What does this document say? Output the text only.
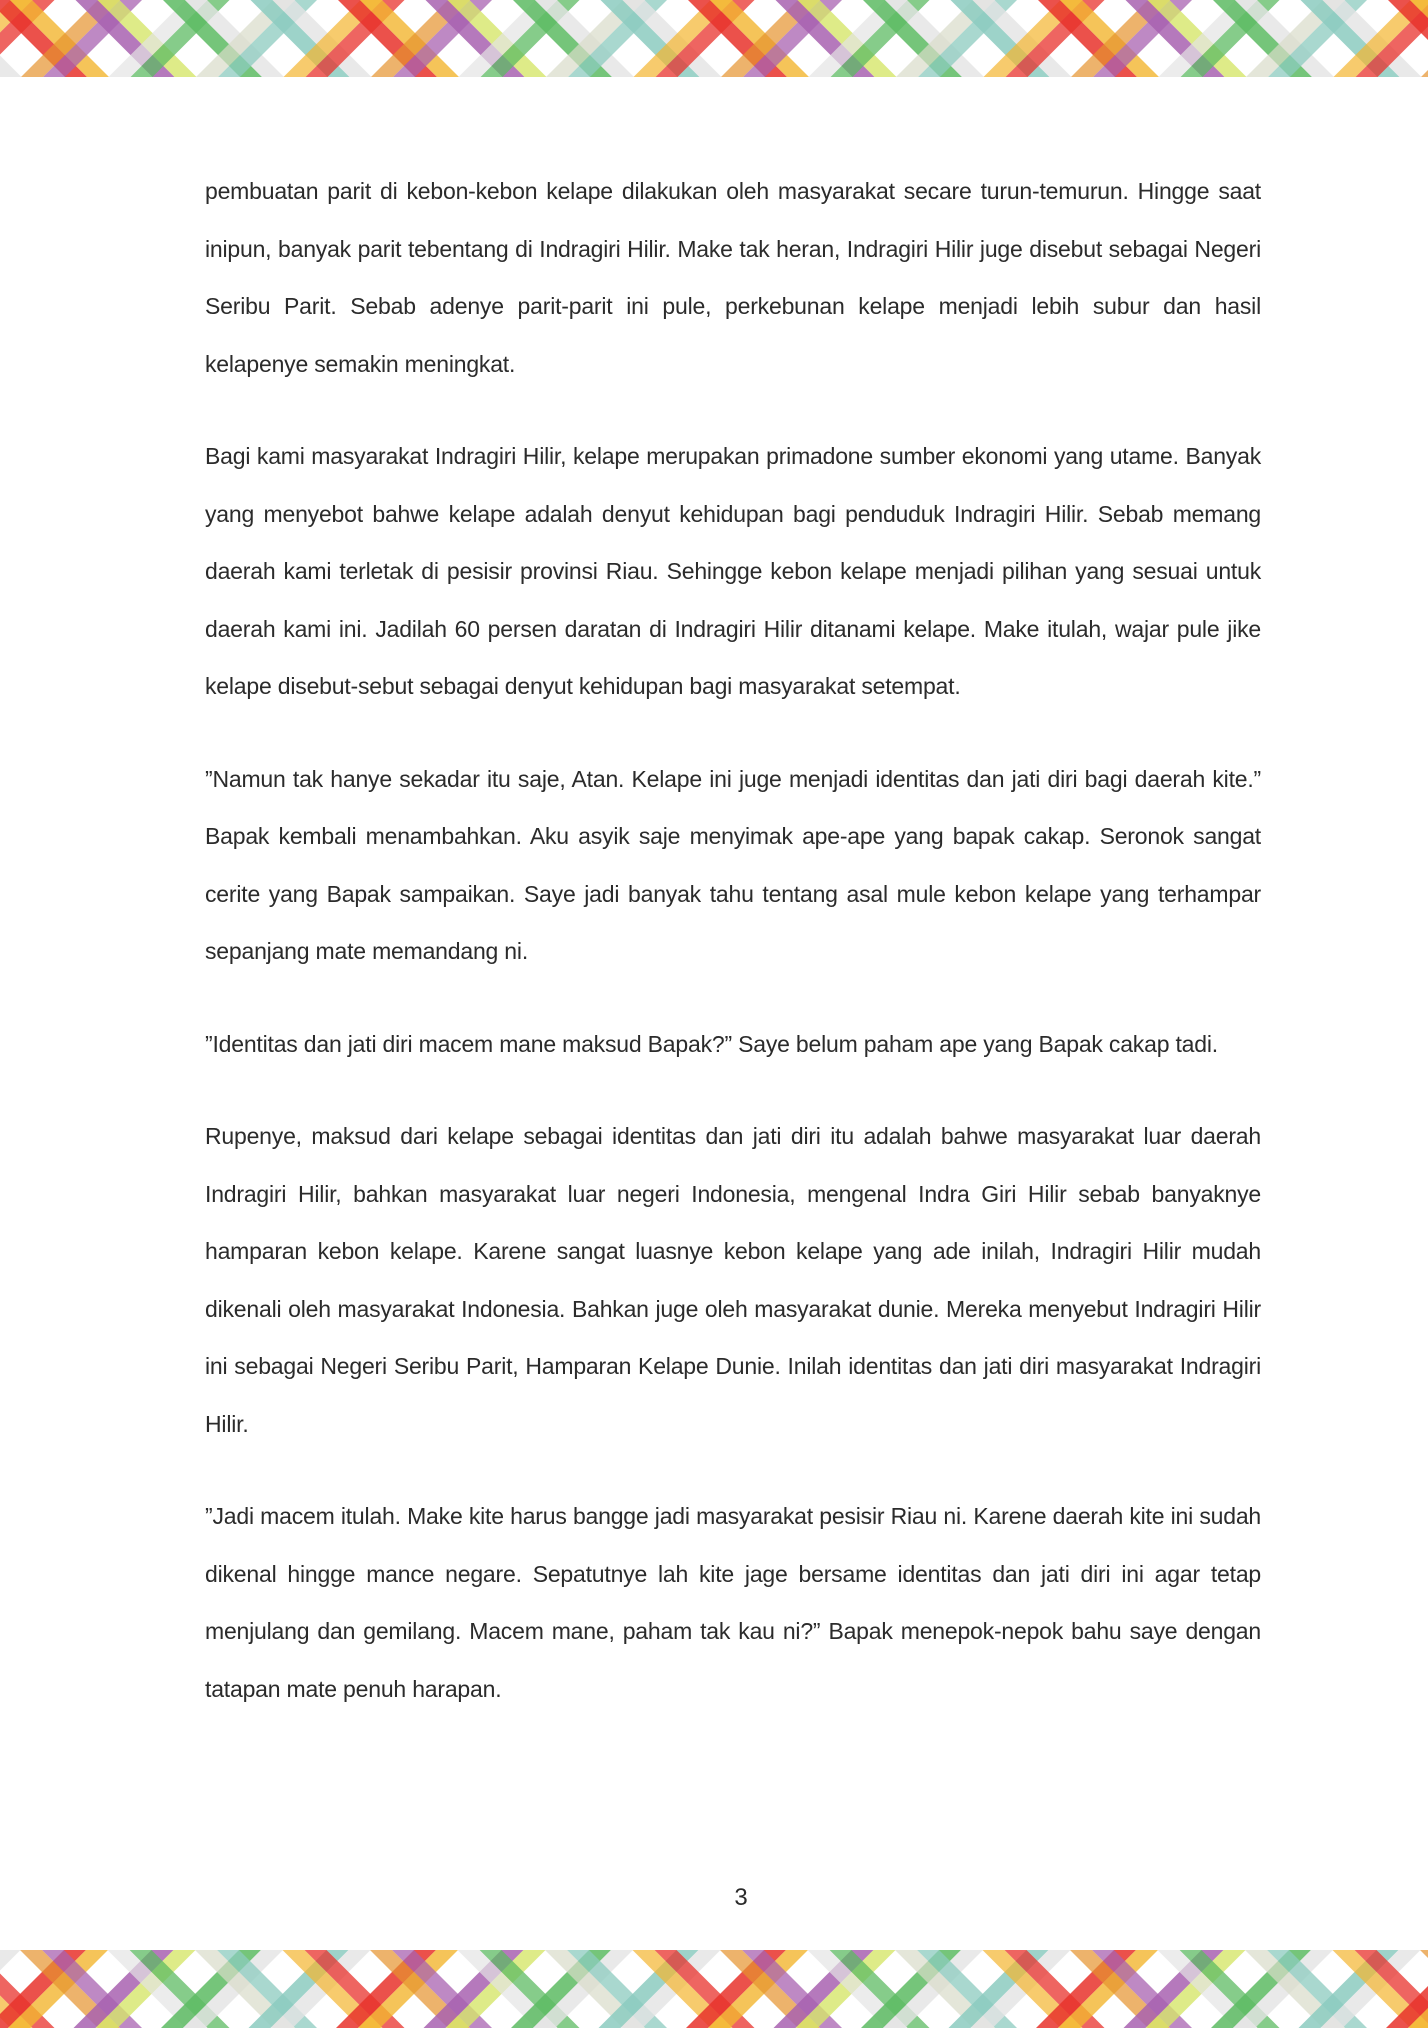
pembuatan parit di kebon-kebon kelape dilakukan oleh masyarakat secare turun-temurun. Hingge saat inipun, banyak parit tebentang di Indragiri Hilir. Make tak heran, Indragiri Hilir juge disebut sebagai Negeri Seribu Parit. Sebab adenye parit-parit ini pule, perkebunan kelape menjadi lebih subur dan hasil kelapenye semakin meningkat.

Bagi kami masyarakat Indragiri Hilir, kelape merupakan primadone sumber ekonomi yang utame. Banyak yang menyebot bahwe kelape adalah denyut kehidupan bagi penduduk Indragiri Hilir. Sebab memang daerah kami terletak di pesisir provinsi Riau. Sehingge kebon kelape menjadi pilihan yang sesuai untuk daerah kami ini. Jadilah 60 persen daratan di Indragiri Hilir ditanami kelape. Make itulah, wajar pule jike kelape disebut-sebut sebagai denyut kehidupan bagi masyarakat setempat.

”Namun tak hanye sekadar itu saje, Atan. Kelape ini juge menjadi identitas dan jati diri bagi daerah kite.” Bapak kembali menambahkan. Aku asyik saje menyimak ape-ape yang bapak cakap. Seronok sangat cerite yang Bapak sampaikan. Saye jadi banyak tahu tentang asal mule kebon kelape yang terhampar sepanjang mate memandang ni.

”Identitas dan jati diri macem mane maksud Bapak?” Saye belum paham ape yang Bapak cakap tadi.

Rupenye, maksud dari kelape sebagai identitas dan jati diri itu adalah bahwe masyarakat luar daerah Indragiri Hilir, bahkan masyarakat luar negeri Indonesia, mengenal Indra Giri Hilir sebab banyaknye hamparan kebon kelape. Karene sangat luasnye kebon kelape yang ade inilah, Indragiri Hilir mudah dikenali oleh masyarakat Indonesia. Bahkan juge oleh masyarakat dunie. Mereka menyebut Indragiri Hilir ini sebagai Negeri Seribu Parit, Hamparan Kelape Dunie. Inilah identitas dan jati diri masyarakat Indragiri Hilir.

”Jadi macem itulah. Make kite harus bangge jadi masyarakat pesisir Riau ni. Karene daerah kite ini sudah dikenal hingge mance negare. Sepatutnye lah kite jage bersame identitas dan jati diri ini agar tetap menjulang dan gemilang. Macem mane, paham tak kau ni?” Bapak menepok-nepok bahu saye dengan tatapan mate penuh harapan.

3
